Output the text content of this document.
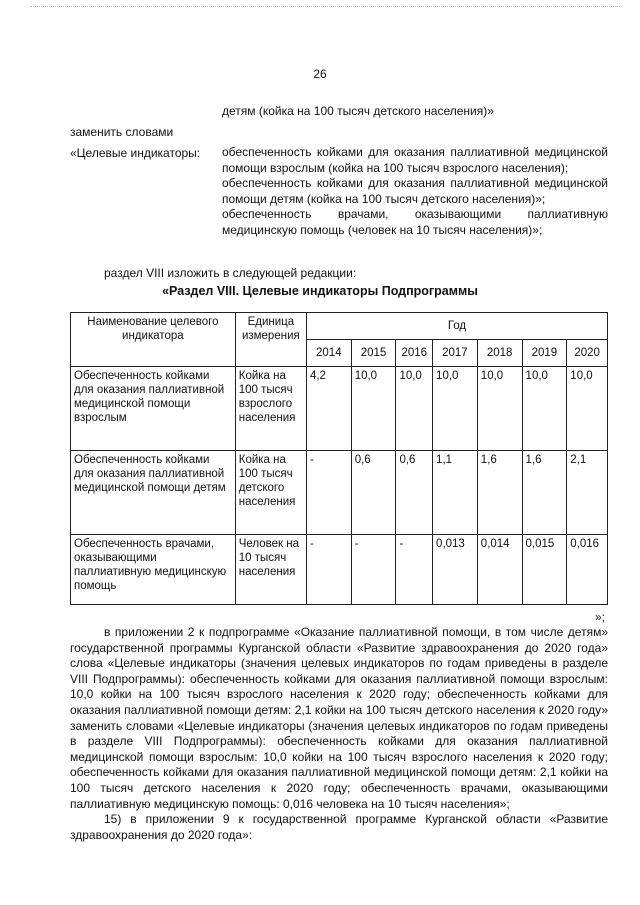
26
детям (койка на 100 тысяч детского населения)»
заменить словами
«Целевые индикаторы: обеспеченность койками для оказания паллиативной медицинской помощи взрослым (койка на 100 тысяч взрослого населения);

обеспеченность койками для оказания паллиативной медицинской помощи детям (койка на 100 тысяч детского населения)»;

обеспеченность врачами, оказывающими паллиативную медицинскую помощь (человек на 10 тысяч населения)»;

раздел VIII изложить в следующей редакции:
«Раздел VIII. Целевые индикаторы Подпрограммы
Наименование целевого индикатора	Единица измерения	Год						
		2014	2015	2016	2017	2018	2019	2020
Обеспеченность койками для оказания паллиативной медицинской помощи взрослым	Койка на 100 тысяч взрослого населения	4,2	10,0	10,0	10,0	10,0	10,0	10,0
Обеспеченность койками для оказания паллиативной медицинской помощи детям	Койка на 100 тысяч детского населения	-	0,6	0,6	1,1	1,6	1,6	2,1
Обеспеченность врачами, оказывающими паллиативную медицинскую помощь	Человек на 10 тысяч населения	-	-	-	0,013	0,014	0,015	0,016
»;

в приложении 2 к подпрограмме «Оказание паллиативной помощи, в том числе детям» государственной программы Курганской области «Развитие здравоохранения до 2020 года» слова «Целевые индикаторы (значения целевых индикаторов по годам приведены в разделе VIII Подпрограммы): обеспеченность койками для оказания паллиативной помощи взрослым: 10,0 койки на 100 тысяч взрослого населения к 2020 году; обеспеченность койками для оказания паллиативной помощи детям: 2,1 койки на 100 тысяч детского населения к 2020 году» заменить словами «Целевые индикаторы (значения целевых индикаторов по годам приведены в разделе VIII Подпрограммы): обеспеченность койками для оказания паллиативной медицинской помощи взрослым: 10,0 койки на 100 тысяч взрослого населения к 2020 году; обеспеченность койками для оказания паллиативной медицинской помощи детям: 2,1 койки на 100 тысяч детского населения к 2020 году; обеспеченность врачами, оказывающими паллиативную медицинскую помощь: 0,016 человека на 10 тысяч населения»;

15) в приложении 9 к государственной программе Курганской области «Развитие здравоохранения до 2020 года»:
